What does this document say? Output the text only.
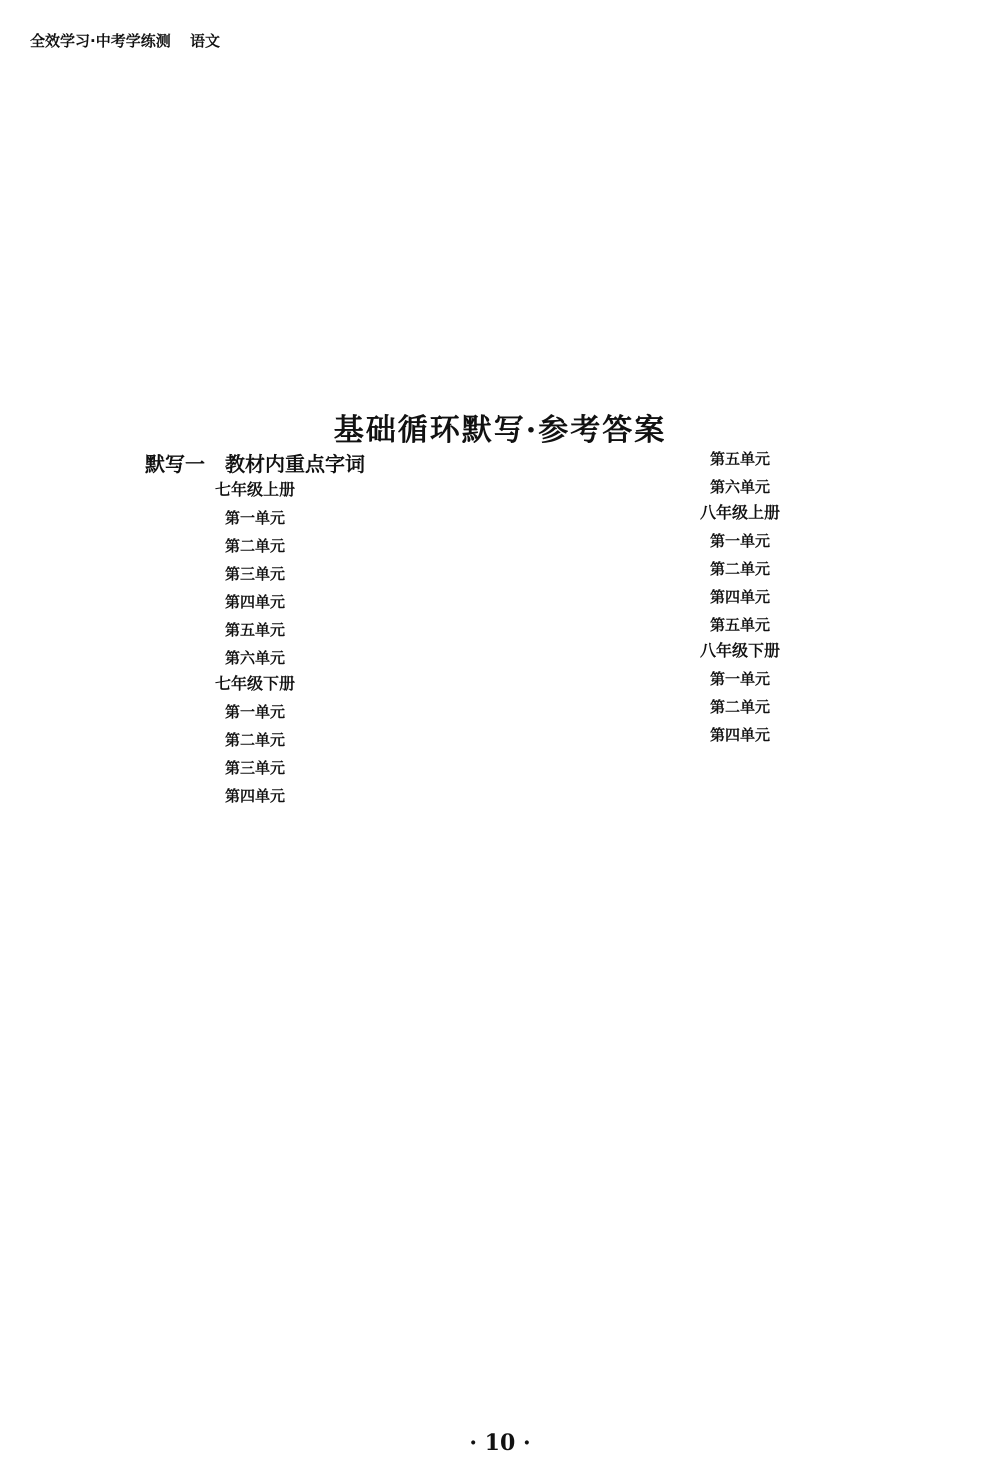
全效学习·中考学练测 语文
基础循环默写·参考答案
默写一　教材内重点字词
七年级上册
第一单元
第二单元
第三单元
第四单元
第五单元
第六单元
七年级下册
第一单元
第二单元
第三单元
第四单元
第五单元
第六单元
八年级上册
第一单元
第二单元
第四单元
第五单元
八年级下册
第一单元
第二单元
第四单元
· 10 ·
